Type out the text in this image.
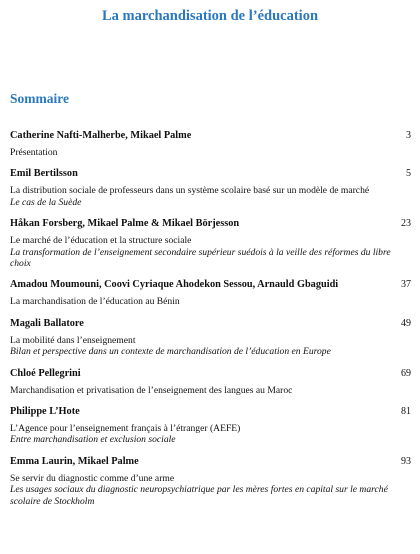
La marchandisation de l’éducation
Sommaire
Catherine Nafti-Malherbe, Mikael Palme	3
Présentation
Emil Bertilsson	5
La distribution sociale de professeurs dans un système scolaire basé sur un modèle de marché
Le cas de la Suède
Håkan Forsberg, Mikael Palme & Mikael Börjesson	23
Le marché de l’éducation et la structure sociale
La transformation de l’enseignement secondaire supérieur suédois à la veille des réformes du libre choix
Amadou Moumouni, Coovi Cyriaque Ahodekon Sessou, Arnauld Gbaguidi	37
La marchandisation de l’éducation au Bénin
Magali Ballatore	49
La mobilité dans l’enseignement
Bilan et perspective dans un contexte de marchandisation de l’éducation en Europe
Chloé Pellegrini	69
Marchandisation et privatisation de l’enseignement des langues au Maroc
Philippe L’Hote	81
L’Agence pour l’enseignement français à l’étranger (AEFE)
Entre marchandisation et exclusion sociale
Emma Laurin, Mikael Palme	93
Se servir du diagnostic comme d’une arme
Les usages sociaux du diagnostic neuropsychiatrique par les mères fortes en capital sur le marché scolaire de Stockholm
